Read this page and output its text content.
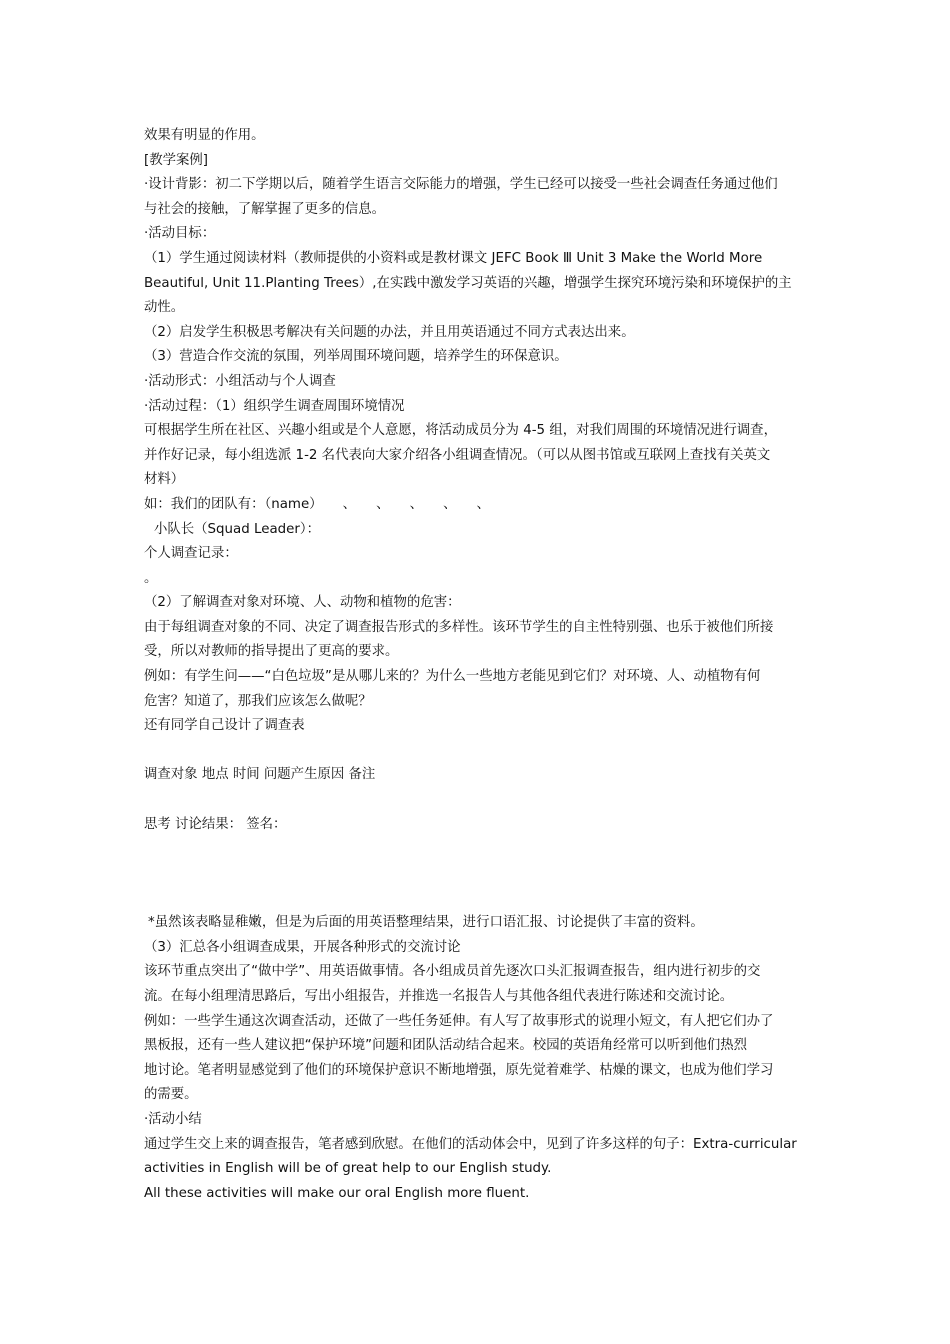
效果有明显的作用。
[教学案例]
·设计背影：初二下学期以后，随着学生语言交际能力的增强，学生已经可以接受一些社会调查任务通过他们
与社会的接触，了解掌握了更多的信息。
·活动目标：
（1）学生通过阅读材料（教师提供的小资料或是教材课文 JEFC Book Ⅲ Unit 3 Make the World More
Beautiful, Unit 11.Planting Trees）,在实践中激发学习英语的兴趣，增强学生探究环境污染和环境保护的主
动性。
（2）启发学生积极思考解决有关问题的办法，并且用英语通过不同方式表达出来。
（3）营造合作交流的氛围，列举周围环境问题，培养学生的环保意识。
·活动形式：小组活动与个人调查
·活动过程：（1）组织学生调查周围环境情况
可根据学生所在社区、兴趣小组或是个人意愿，将活动成员分为 4-5 组，对我们周围的环境情况进行调查，
并作好记录，每小组选派 1-2 名代表向大家介绍各小组调查情况。（可以从图书馆或互联网上查找有关英文
材料）
如：我们的团队有：（name）　　、　　、　　、　　、　　、
小队长（Squad Leader）：
个人调查记录：
。
（2）了解调查对象对环境、人、动物和植物的危害：
由于每组调查对象的不同、决定了调查报告形式的多样性。该环节学生的自主性特别强、也乐于被他们所接
受，所以对教师的指导提出了更高的要求。
例如：有学生问——“白色垃圾”是从哪儿来的？为什么一些地方老能见到它们？对环境、人、动植物有何
危害？知道了，那我们应该怎么做呢？
还有同学自己设计了调查表
调查对象 地点 时间 问题产生原因 备注
思考 讨论结果： 签名：
*虽然该表略显稚嫩，但是为后面的用英语整理结果，进行口语汇报、讨论提供了丰富的资料。
（3）汇总各小组调查成果，开展各种形式的交流讨论
该环节重点突出了“做中学”、用英语做事情。各小组成员首先逐次口头汇报调查报告，组内进行初步的交
流。在每小组理清思路后，写出小组报告，并推选一名报告人与其他各组代表进行陈述和交流讨论。
例如：一些学生通这次调查活动，还做了一些任务延伸。有人写了故事形式的说理小短文，有人把它们办了
黑板报，还有一些人建议把“保护环境”问题和团队活动结合起来。校园的英语角经常可以听到他们热烈
地讨论。笔者明显感觉到了他们的环境保护意识不断地增强，原先觉着难学、枯燥的课文，也成为他们学习
的需要。
·活动小结
通过学生交上来的调查报告，笔者感到欣慰。在他们的活动体会中，见到了许多这样的句子：Extra-curricular
activities in English will be of great help to our English study.
All these activities will make our oral English more fluent.
